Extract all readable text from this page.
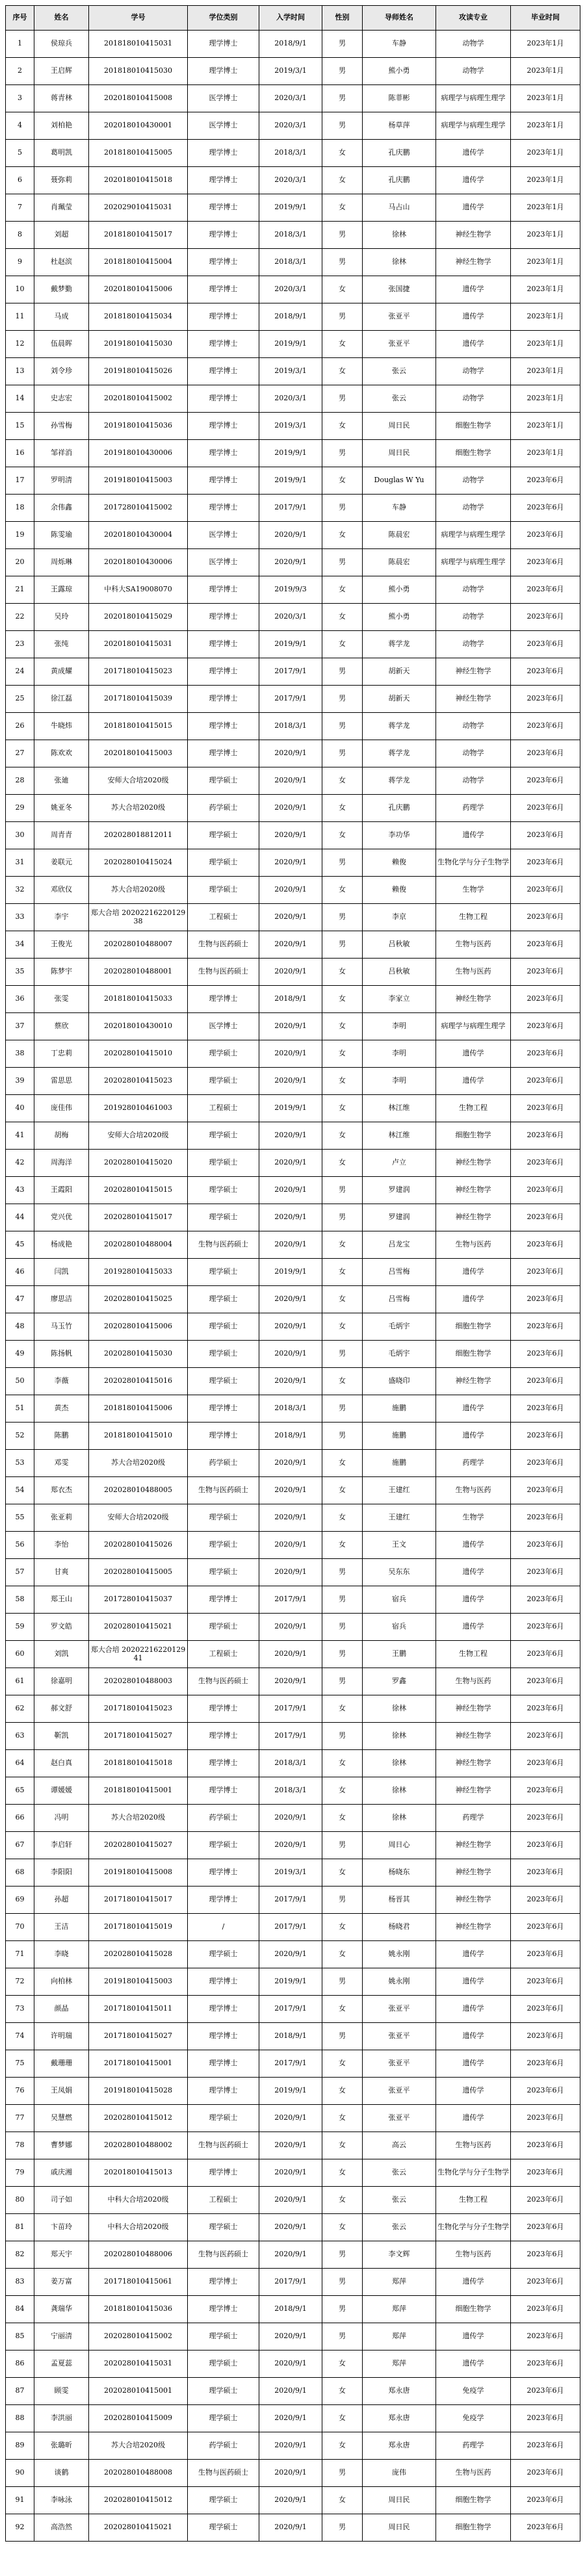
序号	姓名	学号	学位类别	入学时间	性别	导师姓名	攻读专业	毕业时间
1	侯琼兵	201818010415031	理学博士	2018/9/1	男	车静	动物学	2023年1月
2	王启辉	201818010415030	理学博士	2019/3/1	男	熊小勇	动物学	2023年1月
3	蒋青林	202018010415008	医学博士	2020/3/1	男	陈菲彬	病理学与病理生理学	2023年1月
4	刘柏艳	202018010430001	医学博士	2020/3/1	男	杨草萍	病理学与病理生理学	2023年1月
5	葛明凯	201818010415005	理学博士	2018/3/1	女	孔庆鹏	遗传学	2023年1月
6	聂弥莉	202018010415018	理学博士	2020/3/1	女	孔庆鹏	遗传学	2023年1月
7	肖珮莹	202029010415031	理学博士	2019/9/1	女	马占山	遗传学	2023年1月
8	刘超	201818010415017	理学博士	2018/3/1	男	徐林	神经生物学	2023年1月
9	杜赵滨	201818010415004	理学博士	2018/3/1	男	徐林	神经生物学	2023年1月
10	戴梦勤	202018010415006	理学博士	2020/3/1	女	张国捷	遗传学	2023年1月
11	马成	201818010415034	理学博士	2018/9/1	男	张亚平	遗传学	2023年1月
12	伍晨晖	201918010415030	理学博士	2019/9/1	女	张亚平	遗传学	2023年1月
13	刘令珍	201918010415026	理学博士	2019/3/1	女	张云	动物学	2023年1月
14	史志宏	202018010415002	理学博士	2020/3/1	男	张云	动物学	2023年1月
15	孙雪梅	201918010415036	理学博士	2019/3/1	女	周日民	细胞生物学	2023年1月
16	邹祥消	201918010430006	理学博士	2019/9/1	男	周日民	细胞生物学	2023年1月
17	罗明清	201918010415003	理学博士	2019/9/1	女	Douglas W Yu	动物学	2023年6月
18	余伟鑫	201728010415002	理学博士	2017/9/1	男	车静	动物学	2023年6月
19	陈雯瑜	202018010430004	医学博士	2020/9/1	女	陈晨宏	病理学与病理生理学	2023年6月
20	周烁琳	202018010430006	医学博士	2020/9/1	男	陈晨宏	病理学与病理生理学	2023年6月
21	王露琼	中科大SA19008070	理学博士	2019/9/3	女	熊小勇	动物学	2023年6月
22	吴玲	202018010415029	理学博士	2020/3/1	女	熊小勇	动物学	2023年6月
23	张纯	202018010415031	理学博士	2019/9/1	女	蒋学龙	动物学	2023年6月
24	黄成耀	201718010415023	理学博士	2017/9/1	男	胡新天	神经生物学	2023年6月
25	徐江磊	201718010415039	理学博士	2017/9/1	男	胡新天	神经生物学	2023年6月
26	牛晓炜	201818010415015	理学博士	2018/3/1	男	蒋学龙	动物学	2023年6月
27	陈欢欢	202018010415003	理学博士	2020/9/1	男	蒋学龙	动物学	2023年6月
28	张廸	安师大合培2020级	理学硕士	2020/9/1	女	蒋学龙	动物学	2023年6月
29	姚亚冬	苏大合培2020级	药学硕士	2020/9/1	女	孔庆鹏	药理学	2023年6月
30	周青青	202028018812011	理学硕士	2020/9/1	女	李功华	遗传学	2023年6月
31	姜联元	202028010415024	理学硕士	2020/9/1	男	赖俊	生物化学与分子生物学	2023年6月
32	邓欣仪	苏大合培2020级	理学硕士	2020/9/1	女	赖俊	生物学	2023年6月
33	李宇	郑大合培 2020221622012938	工程硕士	2020/9/1	男	李京	生物工程	2023年6月
34	王俊光	202028010488007	生物与医药硕士	2020/9/1	男	吕秋敏	生物与医药	2023年6月
35	陈梦宇	202028010488001	生物与医药硕士	2020/9/1	女	吕秋敏	生物与医药	2023年6月
36	张雯	201818010415033	理学博士	2018/9/1	女	李家立	神经生物学	2023年6月
37	蔡欣	202018010430010	医学博士	2020/9/1	女	李明	病理学与病理生理学	2023年6月
38	丁忠莉	202028010415010	理学硕士	2020/9/1	女	李明	遗传学	2023年6月
39	雷思思	202028010415023	理学硕士	2020/9/1	女	李明	遗传学	2023年6月
40	庞佳伟	201928010461003	工程硕士	2019/9/1	女	林江维	生物工程	2023年6月
41	胡梅	安师大合培2020级	理学硕士	2020/9/1	女	林江维	细胞生物学	2023年6月
42	周海洋	202028010415020	理学硕士	2020/9/1	女	卢立	神经生物学	2023年6月
43	王霞阳	202028010415015	理学硕士	2020/9/1	男	罗建润	神经生物学	2023年6月
44	党兴优	202028010415017	理学硕士	2020/9/1	男	罗建润	神经生物学	2023年6月
45	杨成艳	202028010488004	生物与医药硕士	2020/9/1	女	吕龙宝	生物与医药	2023年6月
46	闫凯	201928010415033	理学硕士	2019/9/1	女	吕雪梅	遗传学	2023年6月
47	廖思洁	202028010415025	理学硕士	2020/9/1	女	吕雪梅	遗传学	2023年6月
48	马玉竹	202028010415006	理学硕士	2020/9/1	女	毛炳宇	细胞生物学	2023年6月
49	陈扬帆	202028010415030	理学硕士	2020/9/1	男	毛炳宇	细胞生物学	2023年6月
50	李薇	202028010415016	理学硕士	2020/9/1	女	盛晓印	神经生物学	2023年6月
51	黄杰	201818010415006	理学博士	2018/3/1	男	施鹏	遗传学	2023年6月
52	陈鹏	201818010415010	理学博士	2018/9/1	男	施鹏	遗传学	2023年6月
53	邓雯	苏大合培2020级	药学硕士	2020/9/1	女	施鹏	药理学	2023年6月
54	郑衣杰	202028010488005	生物与医药硕士	2020/9/1	女	王建红	生物与医药	2023年6月
55	张亚莉	安师大合培2020级	理学硕士	2020/9/1	女	王建红	生物学	2023年6月
56	李怡	202028010415026	理学硕士	2020/9/1	女	王文	遗传学	2023年6月
57	甘爽	202028010415005	理学硕士	2020/9/1	男	吴东东	遗传学	2023年6月
58	郑王山	201728010415037	理学博士	2017/9/1	男	宿兵	遗传学	2023年6月
59	罗文皓	202028010415021	理学硕士	2020/9/1	男	宿兵	遗传学	2023年6月
60	刘凯	郑大合培 2020221622012941	工程硕士	2020/9/1	男	王鹏	生物工程	2023年6月
61	徐嘉明	202028010488003	生物与医药硕士	2020/9/1	男	罗鑫	生物与医药	2023年6月
62	郝文舒	201718010415023	理学博士	2017/9/1	女	徐林	神经生物学	2023年6月
63	靳凯	201718010415027	理学博士	2017/9/1	男	徐林	神经生物学	2023年6月
64	赵白真	201818010415018	理学博士	2018/3/1	女	徐林	神经生物学	2023年6月
65	谭媛媛	201818010415001	理学博士	2018/3/1	女	徐林	神经生物学	2023年6月
66	冯明	苏大合培2020级	药学硕士	2020/9/1	女	徐林	药理学	2023年6月
67	李启轩	202028010415027	理学硕士	2020/9/1	男	周日心	神经生物学	2023年6月
68	李阳阳	201918010415008	理学博士	2019/3/1	女	杨晓东	神经生物学	2023年6月
69	孙超	201718010415017	理学博士	2017/9/1	男	杨晋其	神经生物学	2023年6月
70	王洁	201718010415019	/	2017/9/1	女	杨晓君	神经生物学	2023年6月
71	李晓	202028010415028	理学硕士	2020/9/1	女	姚永刚	遗传学	2023年6月
72	向柏林	201918010415003	理学博士	2019/9/1	男	姚永刚	遗传学	2023年6月
73	颜晶	201718010415011	理学博士	2017/9/1	女	张亚平	遗传学	2023年6月
74	许明瑞	201718010415027	理学博士	2018/9/1	男	张亚平	遗传学	2023年6月
75	戴珊珊	201718010415001	理学博士	2017/9/1	女	张亚平	遗传学	2023年6月
76	王凤娟	201918010415028	理学博士	2019/9/1	女	张亚平	遗传学	2023年6月
77	吴慧燃	202028010415012	理学硕士	2020/9/1	女	张亚平	遗传学	2023年6月
78	曹梦娜	202028010488002	生物与医药硕士	2020/9/1	女	高云	生物与医药	2023年6月
79	戚庆湘	202018010415013	理学博士	2020/9/1	女	张云	生物化学与分子生物学	2023年6月
80	司子如	中科大合培2020级	工程硕士	2020/9/1	女	张云	生物工程	2023年6月
81	卞苗玲	中科大合培2020级	理学硕士	2020/9/1	女	张云	生物化学与分子生物学	2023年6月
82	郑天宇	202028010488006	生物与医药硕士	2020/9/1	男	李文辉	生物与医药	2023年6月
83	姜万富	201718010415061	理学博士	2017/9/1	男	郑萍	遗传学	2023年6月
84	龚瑞华	201818010415036	理学博士	2018/9/1	男	郑萍	细胞生物学	2023年6月
85	宁丽清	202028010415002	理学硕士	2020/9/1	男	郑萍	遗传学	2023年6月
86	孟夏蕊	202028010415031	理学硕士	2020/9/1	女	郑萍	遗传学	2023年6月
87	顾雯	202028010415001	理学硕士	2020/9/1	女	郑永唐	免疫学	2023年6月
88	李洪丽	202028010415009	理学硕士	2020/9/1	女	郑永唐	免疫学	2023年6月
89	张璐昕	苏大合培2020级	药学硕士	2020/9/1	女	郑永唐	药理学	2023年6月
90	谈鹤	202028010488008	生物与医药硕士	2020/9/1	男	庞伟	生物与医药	2023年6月
91	李咏泳	202028010415012	理学硕士	2020/9/1	女	周日民	细胞生物学	2023年6月
92	高浩然	202028010415021	理学硕士	2020/9/1	男	周日民	细胞生物学	2023年6月
